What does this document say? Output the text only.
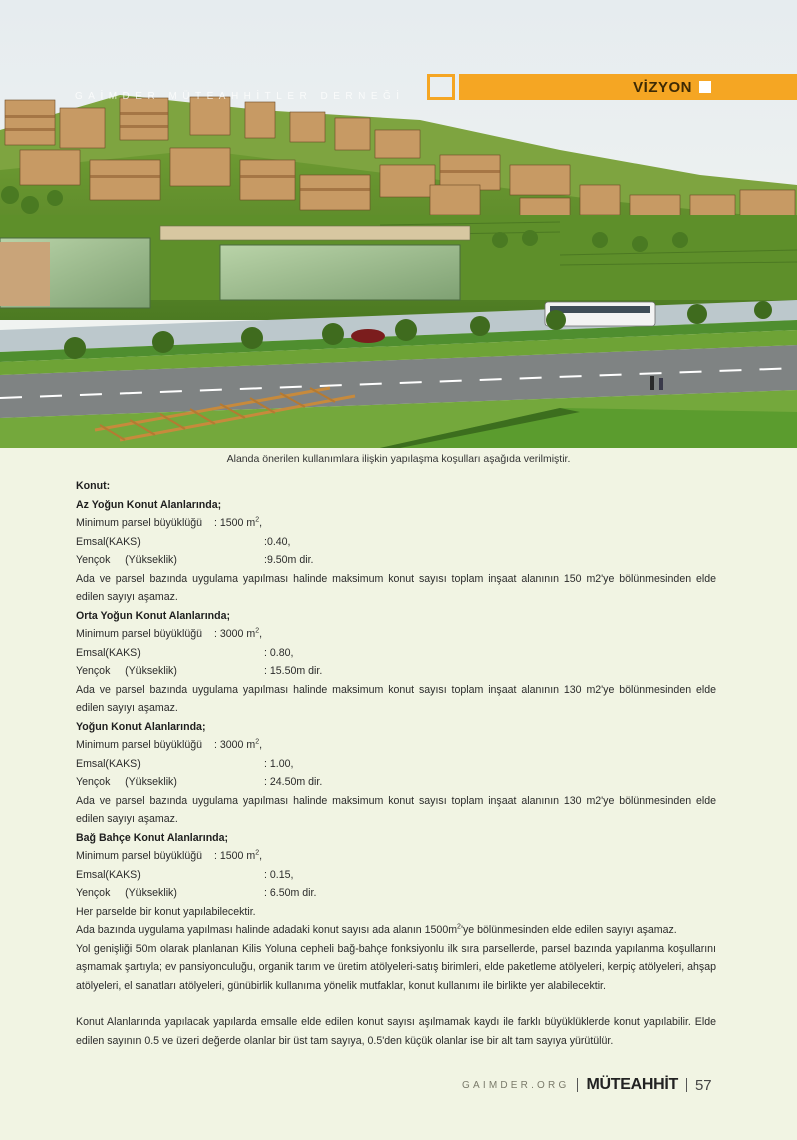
GAİMDER MÜTEAHHİTLER DERNEĞİ
VİZYON
Alanda önerilen kullanımlara ilişkin yapılaşma koşulları aşağıda verilmiştir.
Konut:
Az Yoğun Konut Alanlarında;
Minimum parsel büyüklüğü	: 1500 $m^2$,
Emsal(KAKS)	:0.40,
Yençok     (Yükseklik)	:9.50m dir.
Ada ve parsel bazında uygulama yapılması halinde maksimum konut sayısı toplam inşaat alanının 150 m2'ye bölünmesinden elde edilen sayıyı aşamaz.
Orta Yoğun Konut Alanlarında;
Minimum parsel büyüklüğü	: 3000 $m^2$,
Emsal(KAKS)	: 0.80,
Yençok     (Yükseklik)	: 15.50m dir.
Ada ve parsel bazında uygulama yapılması halinde maksimum konut sayısı toplam inşaat alanının 130 m2'ye bölünmesinden elde edilen sayıyı aşamaz.
Yoğun Konut Alanlarında;
Minimum parsel büyüklüğü	: 3000 $m^2$,
Emsal(KAKS)	: 1.00,
Yençok     (Yükseklik)	: 24.50m dir.
Ada ve parsel bazında uygulama yapılması halinde maksimum konut sayısı toplam inşaat alanının 130 m2'ye bölünmesinden elde edilen sayıyı aşamaz.
Bağ Bahçe Konut Alanlarında;
Minimum parsel büyüklüğü	: 1500 $m^2$,
Emsal(KAKS)	: 0.15,
Yençok     (Yükseklik)	: 6.50m dir.
Her parselde bir konut yapılabilecektir.
Ada bazında uygulama yapılması halinde adadaki konut sayısı ada alanın $1500m^2'ye$ bölünmesinden elde edilen sayıyı aşamaz.
Yol genişliği 50m olarak planlanan Kilis Yoluna cepheli bağ-bahçe fonksiyonlu ilk sıra parsellerde, parsel bazında yapılanma koşullarını aşmamak şartıyla; ev pansiyonculuğu, organik tarım ve üretim atölyeleri-satış birimleri, elde paketleme atölyeleri, kerpiç atölyeleri, ahşap atölyeleri, el sanatları atölyeleri, günübirlik kullanıma yönelik mutfaklar, konut kullanımı ile birlikte yer alabilecektir.
Konut Alanlarında yapılacak yapılarda emsalle elde edilen konut sayısı aşılmamak kaydı ile farklı büyüklüklerde konut yapılabilir. Elde edilen sayının 0.5 ve üzeri değerde olanlar bir üst tam sayıya, 0.5'den küçük olanlar ise bir alt tam sayıya yürütülür.
GAIMDER.ORG MÜTEAHHİT 57
